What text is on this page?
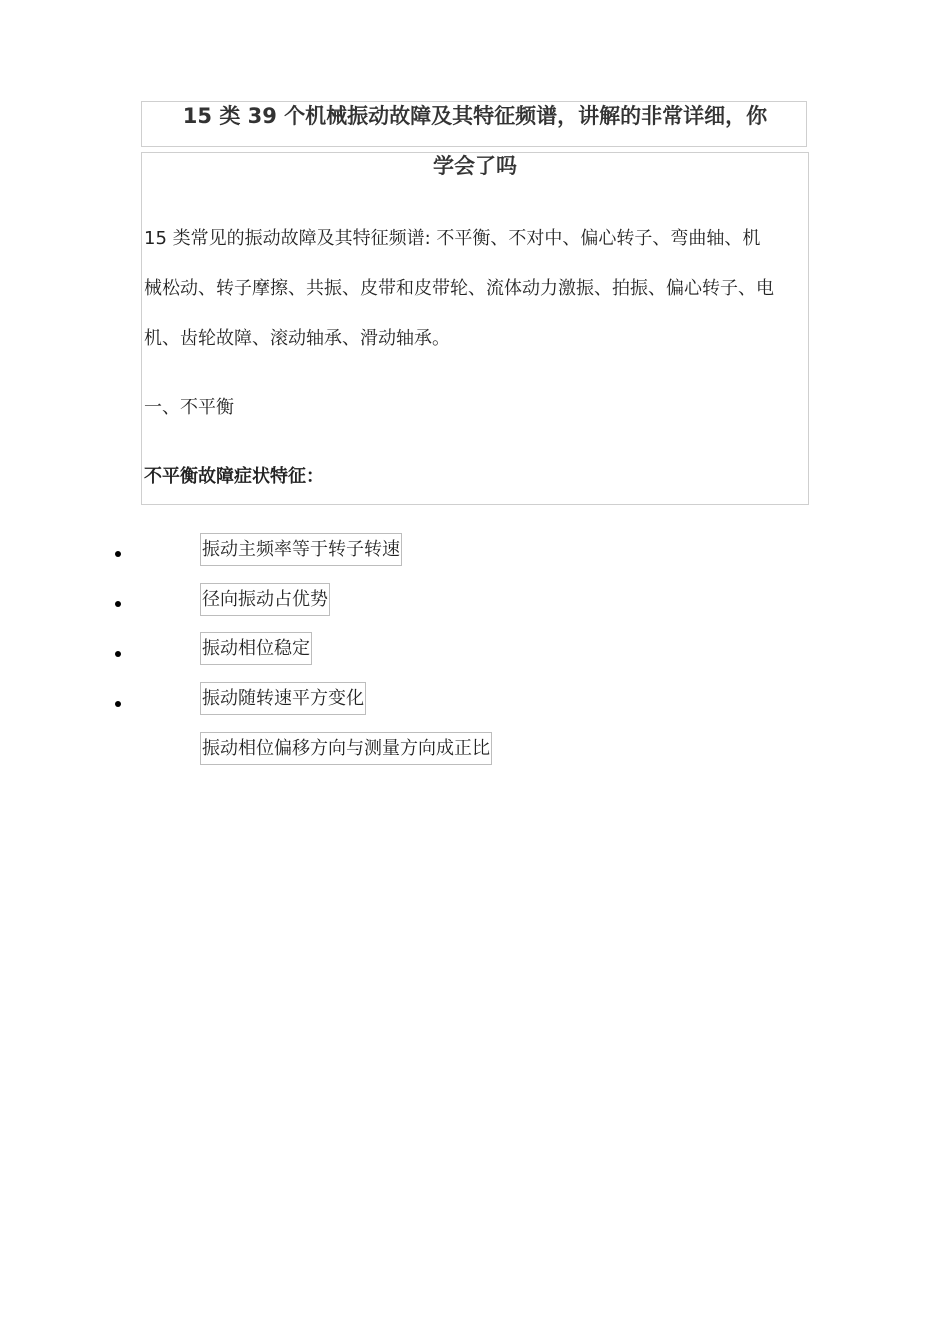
15 类 39 个机械振动故障及其特征频谱，讲解的非常详细，你
学会了吗
15 类常见的振动故障及其特征频谱: 不平衡、不对中、偏心转子、弯曲轴、机
械松动、转子摩擦、共振、皮带和皮带轮、流体动力激振、拍振、偏心转子、电
机、齿轮故障、滚动轴承、滑动轴承。
一、不平衡
不平衡故障症状特征：
振动主频率等于转子转速
径向振动占优势
振动相位稳定
振动随转速平方变化
振动相位偏移方向与测量方向成正比
